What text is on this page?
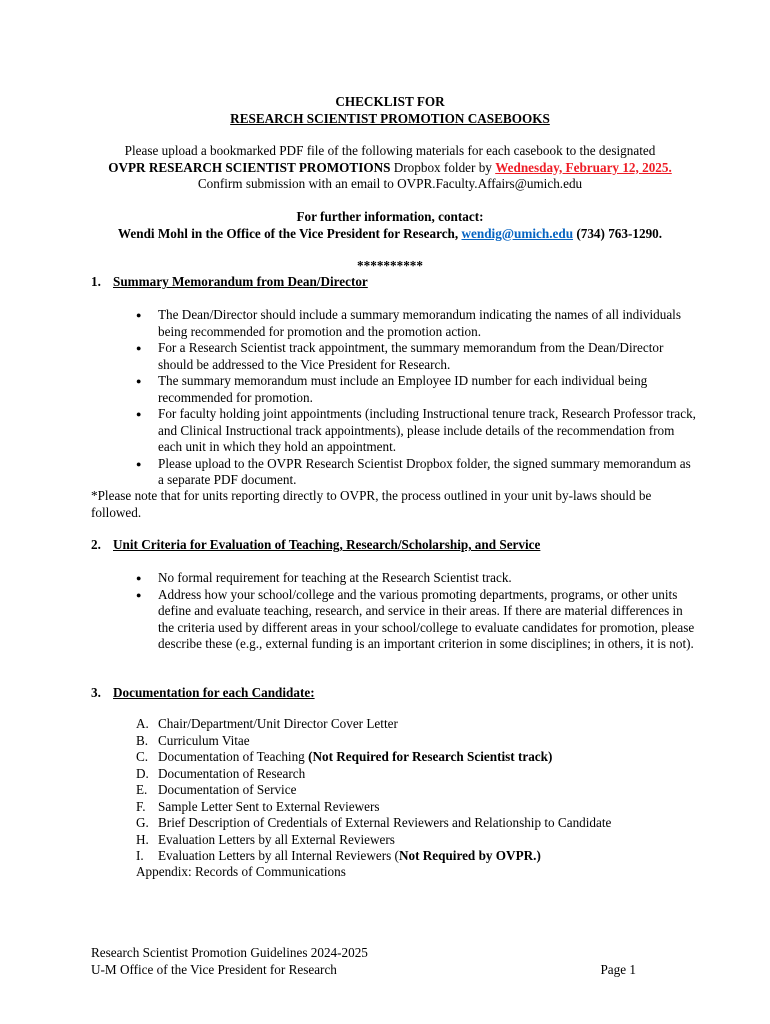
CHECKLIST FOR
RESEARCH SCIENTIST PROMOTION CASEBOOKS
Please upload a bookmarked PDF file of the following materials for each casebook to the designated
OVPR RESEARCH SCIENTIST PROMOTIONS Dropbox folder by Wednesday, February 12, 2025.
Confirm submission with an email to OVPR.Faculty.Affairs@umich.edu
For further information, contact:
Wendi Mohl in the Office of the Vice President for Research, wendig@umich.edu (734) 763-1290.
**********
1. Summary Memorandum from Dean/Director
● The Dean/Director should include a summary memorandum indicating the names of all individuals being recommended for promotion and the promotion action.
● For a Research Scientist track appointment, the summary memorandum from the Dean/Director should be addressed to the Vice President for Research.
● The summary memorandum must include an Employee ID number for each individual being recommended for promotion.
● For faculty holding joint appointments (including Instructional tenure track, Research Professor track, and Clinical Instructional track appointments), please include details of the recommendation from each unit in which they hold an appointment.
● Please upload to the OVPR Research Scientist Dropbox folder, the signed summary memorandum as a separate PDF document.
*Please note that for units reporting directly to OVPR, the process outlined in your unit by-laws should be followed.
2. Unit Criteria for Evaluation of Teaching, Research/Scholarship, and Service
● No formal requirement for teaching at the Research Scientist track.
● Address how your school/college and the various promoting departments, programs, or other units define and evaluate teaching, research, and service in their areas. If there are material differences in the criteria used by different areas in your school/college to evaluate candidates for promotion, please describe these (e.g., external funding is an important criterion in some disciplines; in others, it is not).
3. Documentation for each Candidate:
A. Chair/Department/Unit Director Cover Letter
B. Curriculum Vitae
C. Documentation of Teaching (Not Required for Research Scientist track)
D. Documentation of Research
E. Documentation of Service
F. Sample Letter Sent to External Reviewers
G. Brief Description of Credentials of External Reviewers and Relationship to Candidate
H. Evaluation Letters by all External Reviewers
I. Evaluation Letters by all Internal Reviewers (Not Required by OVPR.)
Appendix: Records of Communications
Research Scientist Promotion Guidelines 2024-2025
U-M Office of the Vice President for Research	Page 1
